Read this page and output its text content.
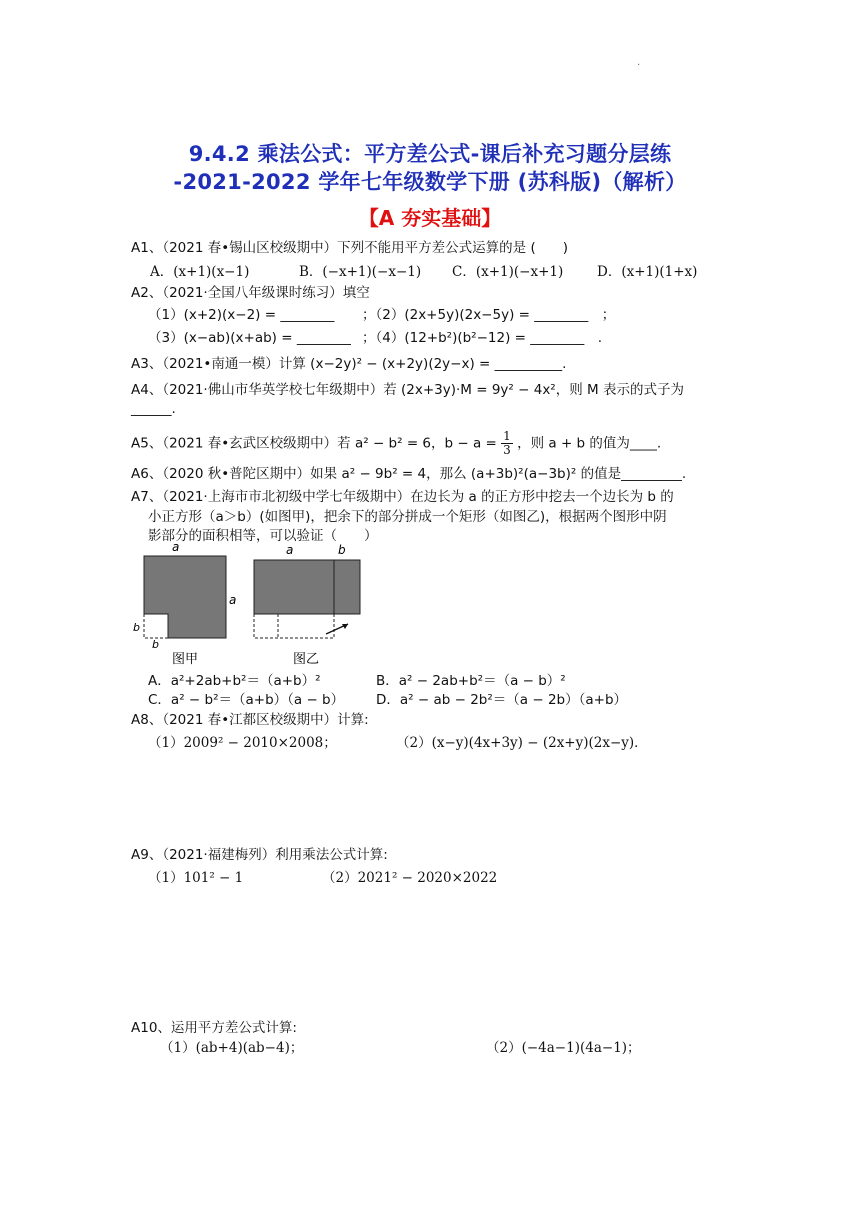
·
9.4.2 乘法公式：平方差公式-课后补充习题分层练
-2021-2022 学年七年级数学下册 (苏科版)（解析）
【A 夯实基础】
A1、（2021 春•锡山区校级期中）下列不能用平方差公式运算的是 (　　)
A．(x+1)(x−1)	B．(−x+1)(−x−1) C．(x+1)(−x+1)	D．(x+1)(1+x)
A2、（2021·全国八年级课时练习）填空
（1）(x+2)(x−2) = ________ ；（2）(2x+5y)(2x−5y) = ________　；
（3）(x−ab)(x+ab) = ________ ；（4）(12+b²)(b²−12) = ________　.
A3、（2021•南通一模）计算 (x−2y)² − (x+2y)(2y−x) = __________.
A4、（2021·佛山市华英学校七年级期中）若 (2x+3y)·M = 9y² − 4x²，则 M 表示的式子为
______.
A5、（2021 春•玄武区校级期中）若 a² − b² = 6，$b - a = \frac{1}{3}$ ，则 a + b 的值为____.
A6、（2020 秋•普陀区期中）如果 a² − 9b² = 4，那么 (a+3b)²(a−3b)² 的值是_________.
A7、（2021·上海市市北初级中学七年级期中）在边长为 a 的正方形中挖去一个边长为 b 的
小正方形（a＞b）(如图甲)，把余下的部分拼成一个矩形（如图乙)，根据两个图形中阴
影部分的面积相等，可以验证（　　）
a
a
b
b
图甲
a	b
图乙
A．a²+2ab+b²＝（a+b）²	B．a² − 2ab+b²＝（a − b）²
C．a² − b²＝（a+b）（a − b） D．a² − ab − 2b²＝（a − 2b）（a+b）
A8、（2021 春•江都区校级期中）计算:
（1）2009² − 2010×2008；	（2）(x−y)(4x+3y) − (2x+y)(2x−y)．
A9、（2021·福建梅列）利用乘法公式计算:
（1）101² − 1	（2）2021² − 2020×2022
A10、运用平方差公式计算:
（1）(ab+4)(ab−4)；	（2）(−4a−1)(4a−1)；
